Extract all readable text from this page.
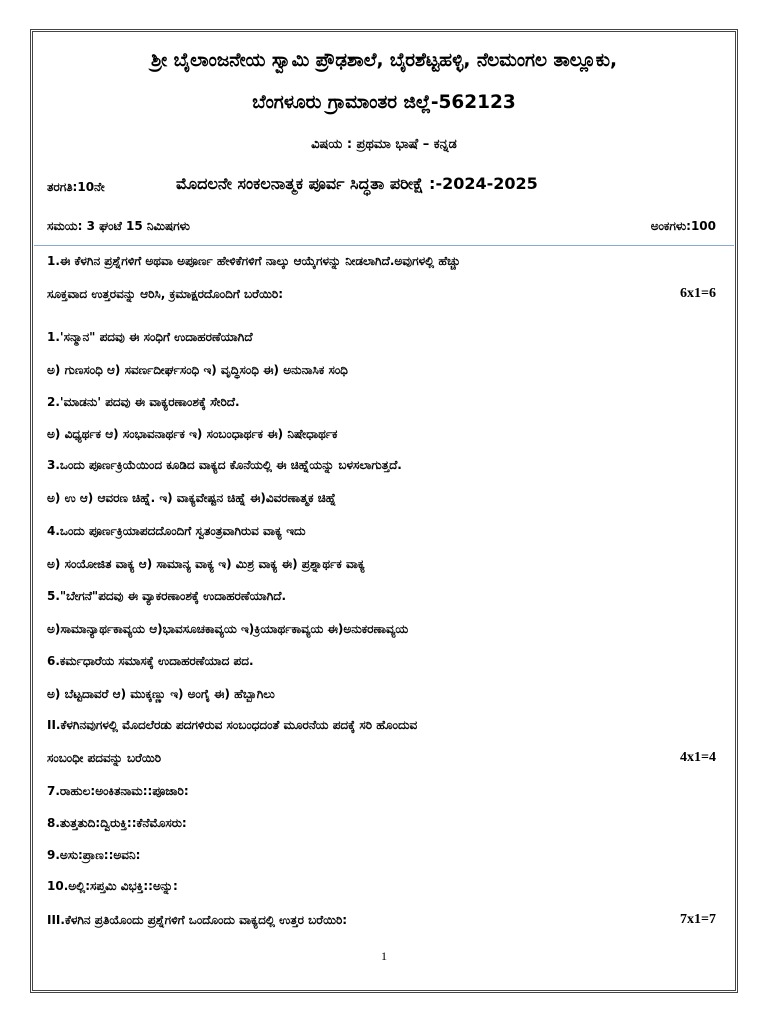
ಶ್ರೀ ಬೈಲಾಂಜನೇಯ ಸ್ವಾಮಿ ಪ್ರೌಢಶಾಲೆ, ಬೈರಶೆಟ್ಟಹಳ್ಳಿ, ನೆಲಮಂಗಲ ತಾಲ್ಲೂಕು,
ಬೆಂಗಳೂರು ಗ್ರಾಮಾಂತರ ಜಿಲ್ಲೆ-562123
ವಿಷಯ : ಪ್ರಥಮಾ ಭಾಷೆ – ಕನ್ನಡ
ತರಗತಿ:10ನೇ	ಮೊದಲನೇ ಸಂಕಲನಾತ್ಮಕ ಪೂರ್ವ ಸಿದ್ಧತಾ ಪರೀಕ್ಷೆ :-2024-2025
ಸಮಯ: 3 ಘಂಟೆ 15 ನಿಮಿಷಗಳು	ಅಂಕಗಳು:100
1.ಈ ಕೆಳಗಿನ ಪ್ರಶ್ನೆಗಳಿಗೆ ಅಥವಾ ಅಪೂರ್ಣ ಹೇಳಿಕೆಗಳಿಗೆ ನಾಲ್ಕು ಆಯ್ಕೆಗಳನ್ನು ನೀಡಲಾಗಿದೆ.ಅವುಗಳಲ್ಲಿ ಹೆಚ್ಚು
ಸೂಕ್ತವಾದ ಉತ್ತರವನ್ನು ಆರಿಸಿ, ಕ್ರಮಾಕ್ಷರದೊಂದಿಗೆ ಬರೆಯಿರಿ:	6x1=6
1.'ಸನ್ಮಾನ" ಪದವು ಈ ಸಂಧಿಗೆ ಉದಾಹರಣೆಯಾಗಿದೆ
ಅ) ಗುಣಸಂಧಿ ಆ) ಸವರ್ಣದೀರ್ಘಸಂಧಿ ಇ) ವೃದ್ಧಿಸಂಧಿ ಈ) ಅನುನಾಸಿಕ ಸಂಧಿ
2.'ಮಾಡನು' ಪದವು ಈ ವಾಕ್ಯರಣಾಂಶಕ್ಕೆ ಸೇರಿದೆ.
ಅ) ವಿಧ್ಯರ್ಥಕ ಆ) ಸಂಭಾವನಾರ್ಥಕ ಇ) ಸಂಬಂಧಾರ್ಥಕ ಈ) ನಿಷೇಧಾರ್ಥಕ
3.ಒಂದು ಪೂರ್ಣಕ್ರಿಯೆಯಿಂದ ಕೂಡಿದ ವಾಕ್ಯದ ಕೊನೆಯಲ್ಲಿ ಈ ಚಿಹ್ನೆಯನ್ನು ಬಳಸಲಾಗುತ್ತದೆ.
ಅ) ಉ ಆ) ಆವರಣ ಚಿಹ್ನೆ. ಇ) ವಾಕ್ಯವೇಷ್ಟನ ಚಿಹ್ನೆ ಈ)ವಿವರಣಾತ್ಮಕ ಚಿಹ್ನೆ
4.ಒಂದು ಪೂರ್ಣಕ್ರಿಯಾಪದದೊಂದಿಗೆ ಸ್ವತಂತ್ರವಾಗಿರುವ ವಾಕ್ಯ ಇದು
ಅ) ಸಂಯೋಜಿತ ವಾಕ್ಯ ಆ) ಸಾಮಾನ್ಯ ವಾಕ್ಯ ಇ) ಮಿಶ್ರ ವಾಕ್ಯ ಈ) ಪ್ರಶ್ನಾರ್ಥಕ ವಾಕ್ಯ
5."ಬೇಗನೆ"ಪದವು ಈ ವ್ಯಾಕರಣಾಂಶಕ್ಕೆ ಉದಾಹರಣೆಯಾಗಿದೆ.
ಅ)ಸಾಮಾನ್ಯಾರ್ಥಕಾವ್ಯಯ ಆ)ಭಾವಸೂಚಕಾವ್ಯಯ ಇ)ಕ್ರಿಯಾರ್ಥಕಾವ್ಯಯ ಈ)ಅನುಕರಣಾವ್ಯಯ
6.ಕರ್ಮಧಾರೆಯ ಸಮಾಸಕ್ಕೆ ಉದಾಹರಣೆಯಾದ ಪದ.
ಅ) ಬೆಟ್ಟದಾವರೆ ಆ) ಮುಕ್ಕಣ್ಣು ಇ) ಅಂಗೈ ಈ) ಹೆಬ್ಬಾಗಿಲು
II.ಕೆಳಗಿನವುಗಳಲ್ಲಿ ಮೊದಲೆರಡು ಪದಗಳಿರುವ ಸಂಬಂಧದಂತೆ ಮೂರನೆಯ ಪದಕ್ಕೆ ಸರಿ ಹೊಂದುವ
ಸಂಬಂಧೀ ಪದವನ್ನು ಬರೆಯಿರಿ	4x1=4
7.ರಾಹುಲ:ಅಂಕಿತನಾಮ::ಪೂಜಾರಿ:
8.ತುತ್ತತುದಿ:ದ್ವಿರುಕ್ತಿ::ಕೆನೆಮೊಸರು:
9.ಅಸು:ಪ್ರಾಣ::ಅವನಿ:
10.ಅಲ್ಲಿ:ಸಪ್ತಮಿ ವಿಭಕ್ತಿ::ಅನ್ನು:
III.ಕೆಳಗಿನ ಪ್ರತಿಯೊಂದು ಪ್ರಶ್ನೆಗಳಿಗೆ ಒಂದೊಂದು ವಾಕ್ಯದಲ್ಲಿ ಉತ್ತರ ಬರೆಯಿರಿ:	7x1=7
1
